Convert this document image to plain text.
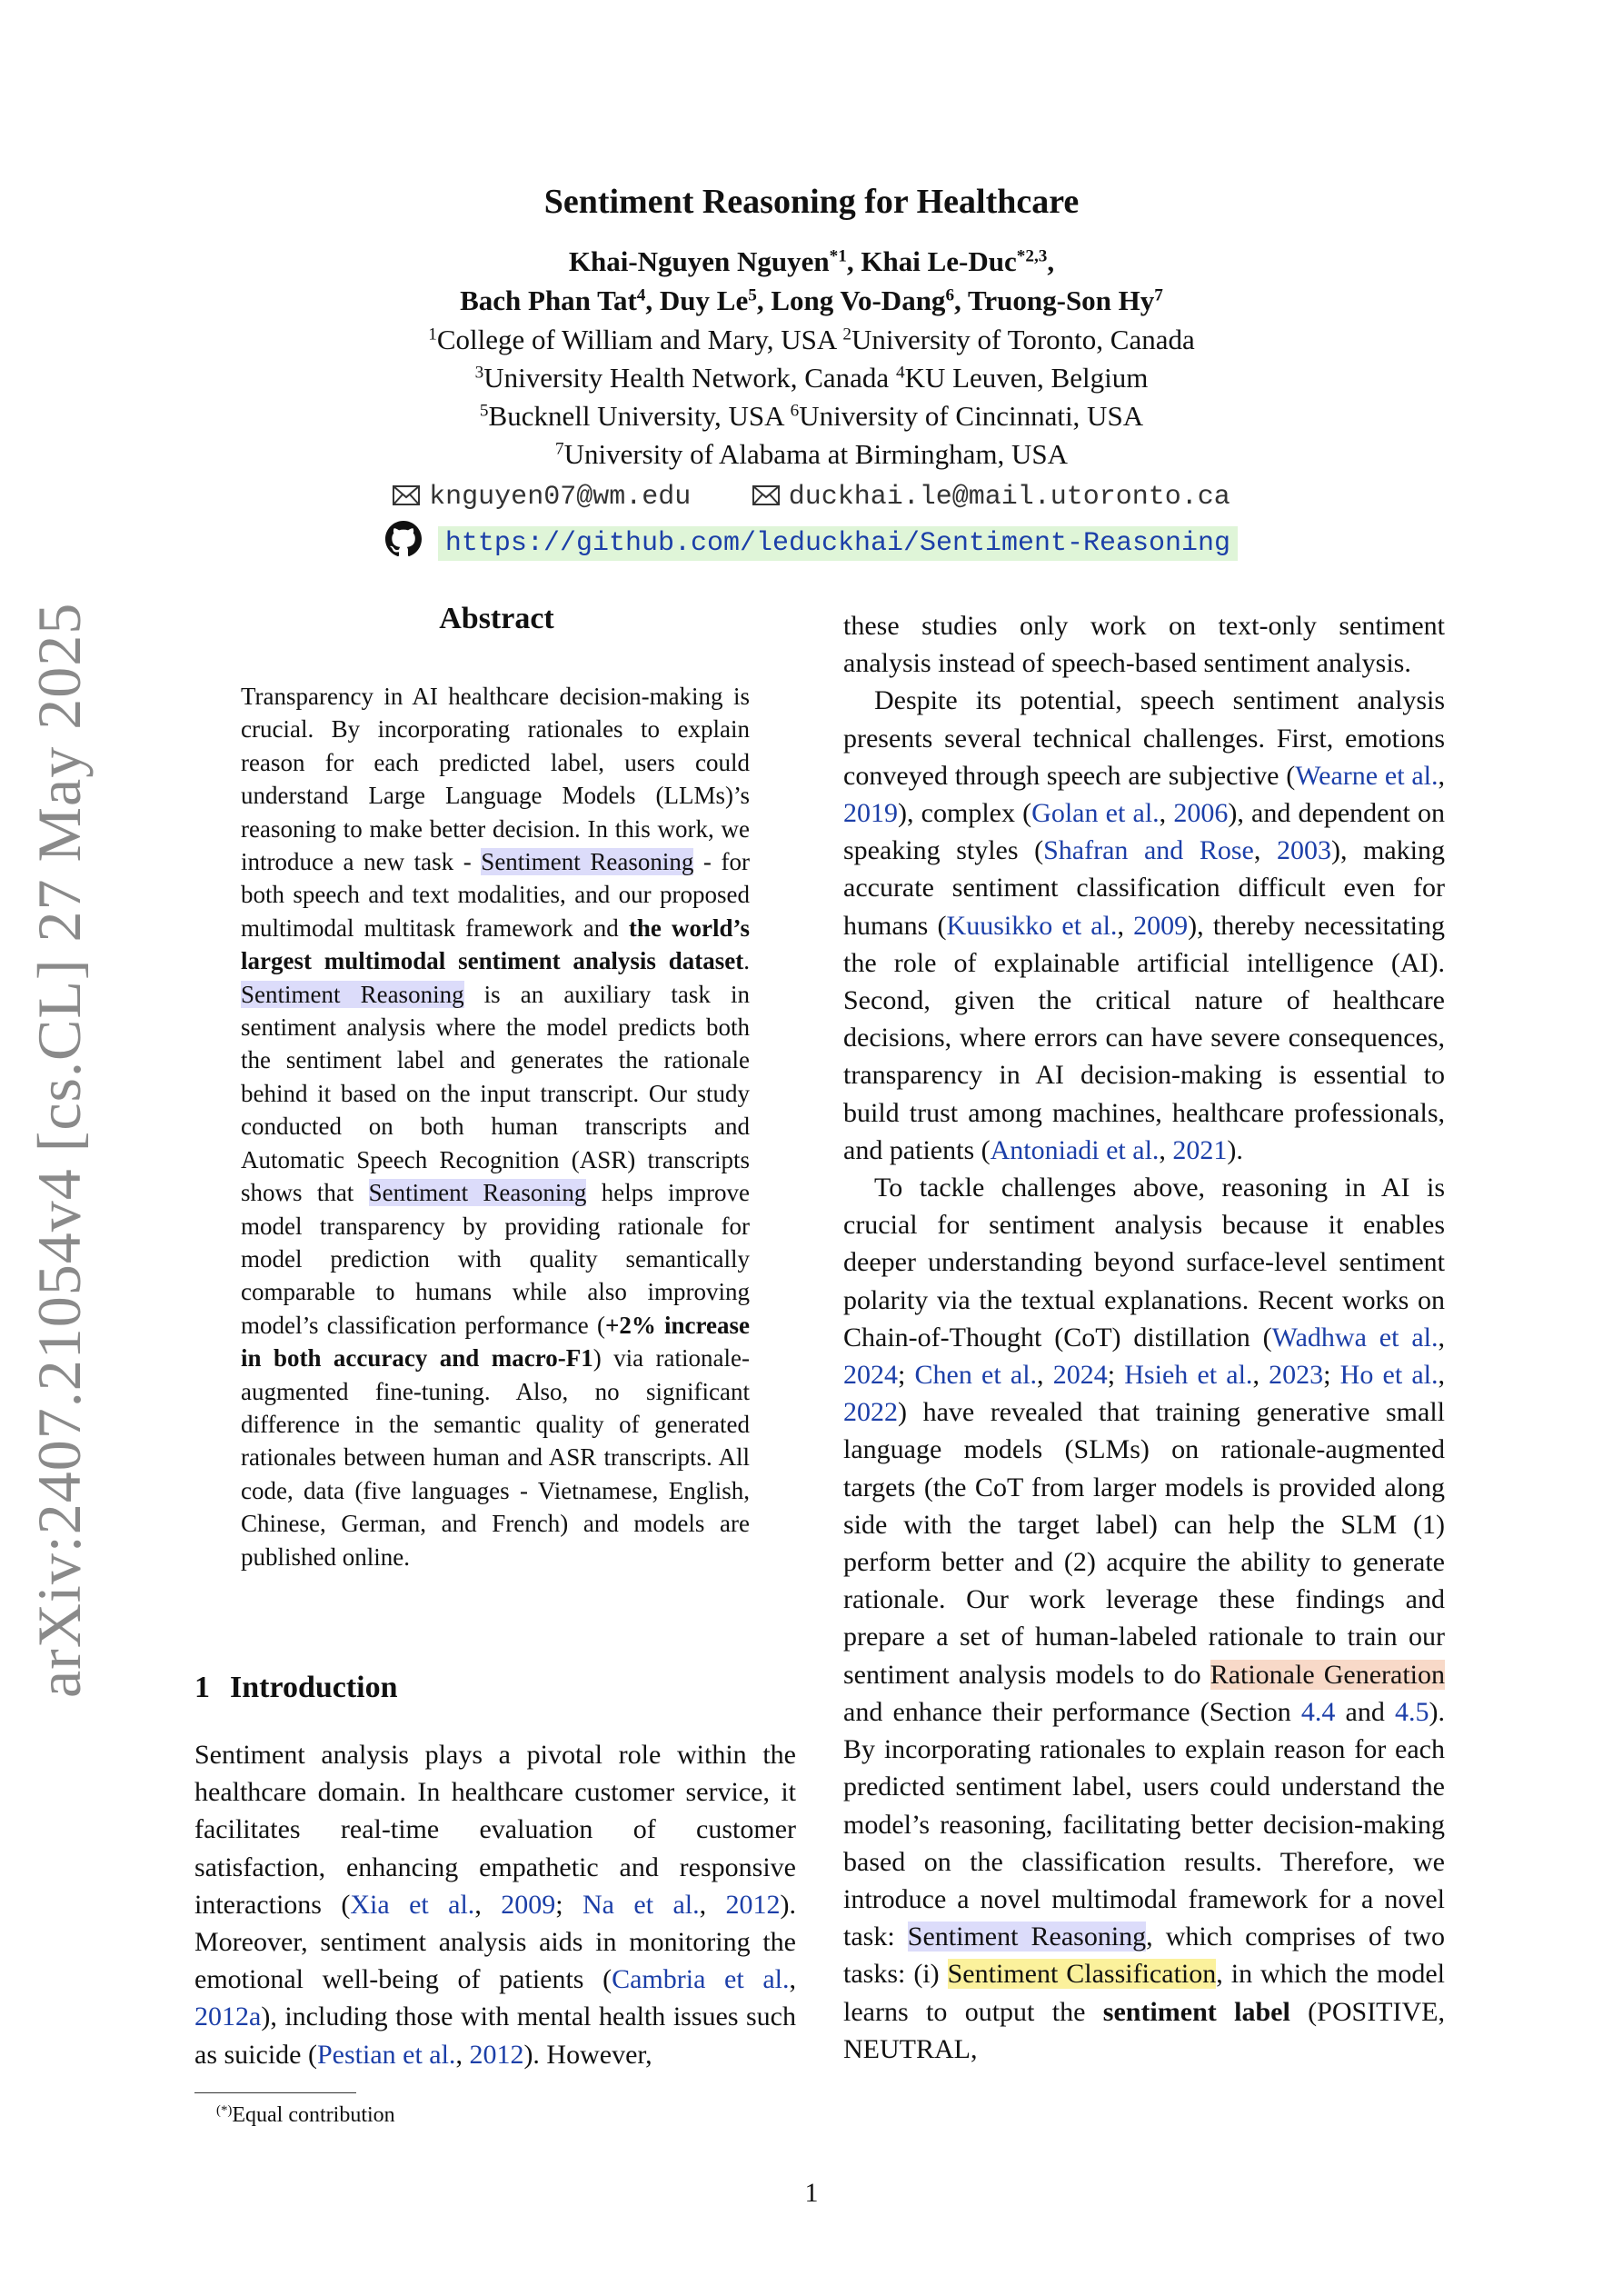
arXiv:2407.21054v4 [cs.CL] 27 May 2025
Sentiment Reasoning for Healthcare
Khai-Nguyen Nguyen$^{*1}$, Khai Le-Duc$^{*2,3}$,
Bach Phan Tat$^4$, Duy Le$^5$, Long Vo-Dang$^6$, Truong-Son Hy$^7$
$^1$College of William and Mary, USA $^2$University of Toronto, Canada
$^3$University Health Network, Canada $^4$KU Leuven, Belgium
$^5$Bucknell University, USA $^6$University of Cincinnati, USA
$^7$University of Alabama at Birmingham, USA
knguyen07@wm.edu	duckhai.le@mail.utoronto.ca
https://github.com/leduckhai/Sentiment-Reasoning
Abstract
Transparency in AI healthcare decision-making is crucial. By incorporating rationales to explain reason for each predicted label, users could understand Large Language Models (LLMs)’s reasoning to make better decision. In this work, we introduce a new task - Sentiment Reasoning - for both speech and text modalities, and our proposed multimodal multitask framework and the world’s largest multimodal sentiment analysis dataset. Sentiment Reasoning is an auxiliary task in sentiment analysis where the model predicts both the sentiment label and generates the rationale behind it based on the input transcript. Our study conducted on both human transcripts and Automatic Speech Recognition (ASR) transcripts shows that Sentiment Reasoning helps improve model transparency by providing rationale for model prediction with quality semantically comparable to humans while also improving model’s classification performance (+2% increase in both accuracy and macro-F1) via rationale-augmented fine-tuning. Also, no significant difference in the semantic quality of generated rationales between human and ASR transcripts. All code, data (five languages - Vietnamese, English, Chinese, German, and French) and models are published online.
1 Introduction

Sentiment analysis plays a pivotal role within the healthcare domain. In healthcare customer service, it facilitates real-time evaluation of customer satisfaction, enhancing empathetic and responsive interactions (Xia et al., 2009; Na et al., 2012). Moreover, sentiment analysis aids in monitoring the emotional well-being of patients (Cambria et al., 2012a), including those with mental health issues such as suicide (Pestian et al., 2012). However,

these studies only work on text-only sentiment analysis instead of speech-based sentiment analysis.

Despite its potential, speech sentiment analysis presents several technical challenges. First, emotions conveyed through speech are subjective (Wearne et al., 2019), complex (Golan et al., 2006), and dependent on speaking styles (Shafran and Rose, 2003), making accurate sentiment classification difficult even for humans (Kuusikko et al., 2009), thereby necessitating the role of explainable artificial intelligence (AI). Second, given the critical nature of healthcare decisions, where errors can have severe consequences, transparency in AI decision-making is essential to build trust among machines, healthcare professionals, and patients (Antoniadi et al., 2021).

To tackle challenges above, reasoning in AI is crucial for sentiment analysis because it enables deeper understanding beyond surface-level sentiment polarity via the textual explanations. Recent works on Chain-of-Thought (CoT) distillation (Wadhwa et al., 2024; Chen et al., 2024; Hsieh et al., 2023; Ho et al., 2022) have revealed that training generative small language models (SLMs) on rationale-augmented targets (the CoT from larger models is provided along side with the target label) can help the SLM (1) perform better and (2) acquire the ability to generate rationale. Our work leverage these findings and prepare a set of human-labeled rationale to train our sentiment analysis models to do Rationale Generation and enhance their performance (Section 4.4 and 4.5). By incorporating rationales to explain reason for each predicted sentiment label, users could understand the model’s reasoning, facilitating better decision-making based on the classification results. Therefore, we introduce a novel multimodal framework for a novel task: Sentiment Reasoning, which comprises of two tasks: (i) Sentiment Classification, in which the model learns to output the sentiment label (POSITIVE, NEUTRAL,

(*)Equal contribution
1
